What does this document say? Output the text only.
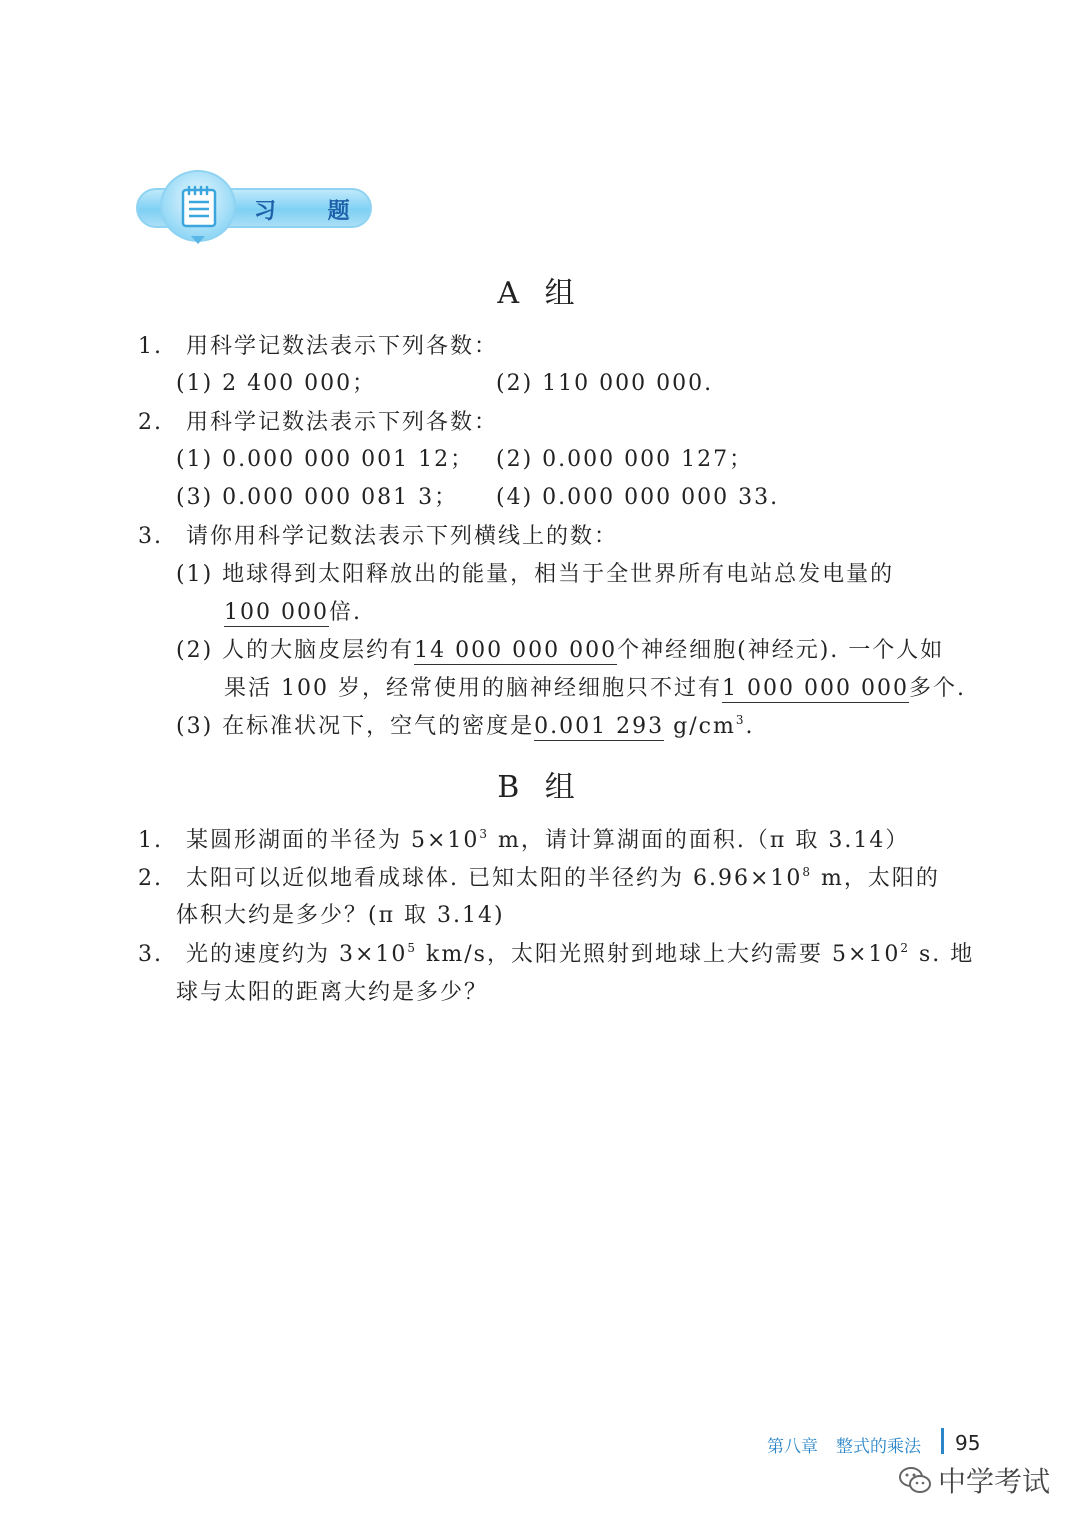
习 题
A 组
1. 用科学记数法表示下列各数：
(1) 2 400 000；	(2) 110 000 000.
2. 用科学记数法表示下列各数：
(1) 0.000 000 001 12； (2) 0.000 000 127；
(3) 0.000 000 081 3； (4) 0.000 000 000 33.
3. 请你用科学记数法表示下列横线上的数：
(1) 地球得到太阳释放出的能量，相当于全世界所有电站总发电量的
100 000倍.
(2) 人的大脑皮层约有14 000 000 000个神经细胞(神经元). 一个人如
果活 100 岁，经常使用的脑神经细胞只不过有1 000 000 000多个.
(3) 在标准状况下，空气的密度是0.001 293 $g/cm^3$.
B 组
1. 某圆形湖面的半径为 $5\times 10^3$ m，请计算湖面的面积.（π 取 3.14）
2. 太阳可以近似地看成球体. 已知太阳的半径约为 $6.96\times 10^8$ m，太阳的
体积大约是多少？(π 取 3.14)
3. 光的速度约为 $3\times 10^5$ km/s，太阳光照射到地球上大约需要 $5\times 10^2$ s. 地
球与太阳的距离大约是多少？
第八章 整式的乘法	95
中学考试
